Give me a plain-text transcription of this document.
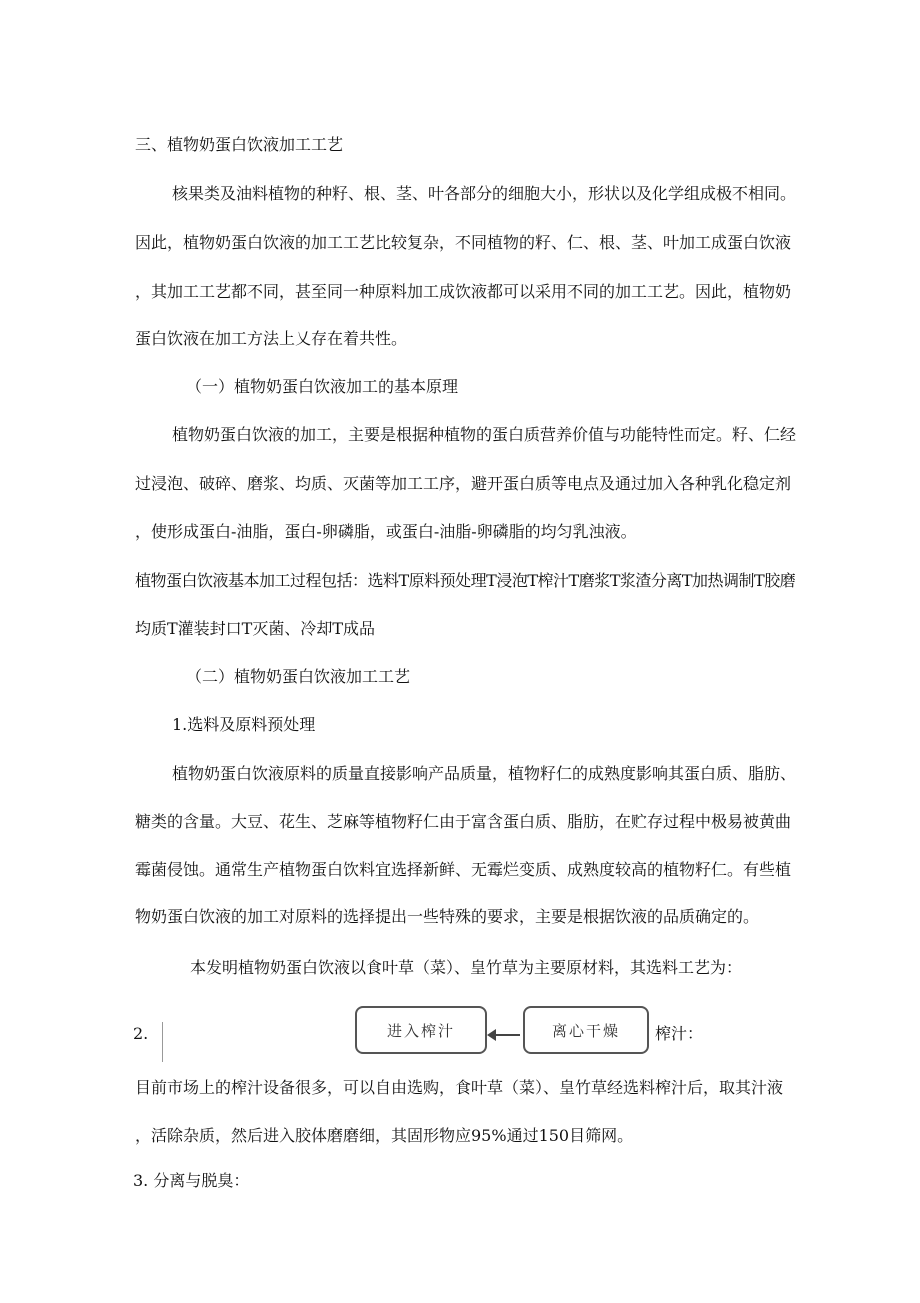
三、植物奶蛋白饮液加工工艺
核果类及油料植物的种籽、根、茎、叶各部分的细胞大小，形状以及化学组成极不相同。
因此，植物奶蛋白饮液的加工工艺比较复杂，不同植物的籽、仁、根、茎、叶加工成蛋白饮液
，其加工工艺都不同，甚至同一种原料加工成饮液都可以采用不同的加工工艺。因此，植物奶
蛋白饮液在加工方法上乂存在着共性。
（一）植物奶蛋白饮液加工的基本原理
植物奶蛋白饮液的加工，主要是根据种植物的蛋白质营养价值与功能特性而定。籽、仁经
过浸泡、破碎、磨浆、均质、灭菌等加工工序，避开蛋白质等电点及通过加入各种乳化稳定剂
，使形成蛋白-油脂，蛋白-卵磷脂，或蛋白-油脂-卵磷脂的均匀乳浊液。
植物蛋白饮液基本加工过程包括：选料T原料预处理T浸泡T榨汁T磨浆T浆渣分离T加热调制T胶磨
均质T灌装封口T灭菌、冷却T成品
（二）植物奶蛋白饮液加工工艺
1.选料及原料预处理
植物奶蛋白饮液原料的质量直接影响产品质量，植物籽仁的成熟度影响其蛋白质、脂肪、
糖类的含量。大豆、花生、芝麻等植物籽仁由于富含蛋白质、脂肪，在贮存过程中极易被黄曲
霉菌侵蚀。通常生产植物蛋白饮料宜选择新鲜、无霉烂变质、成熟度较高的植物籽仁。有些植
物奶蛋白饮液的加工对原料的选择提出一些特殊的要求，主要是根据饮液的品质确定的。
本发明植物奶蛋白饮液以食叶草（菜）、皇竹草为主要原材料，其选料工艺为：
进入榨汁	离心干燥
2.	榨汁：
目前市场上的榨汁设备很多，可以自由选购，食叶草（菜）、皇竹草经选料榨汁后，取其汁液
，活除杂质，然后进入胶体磨磨细，其固形物应95%通过150目筛网。
3. 分离与脱臭：
